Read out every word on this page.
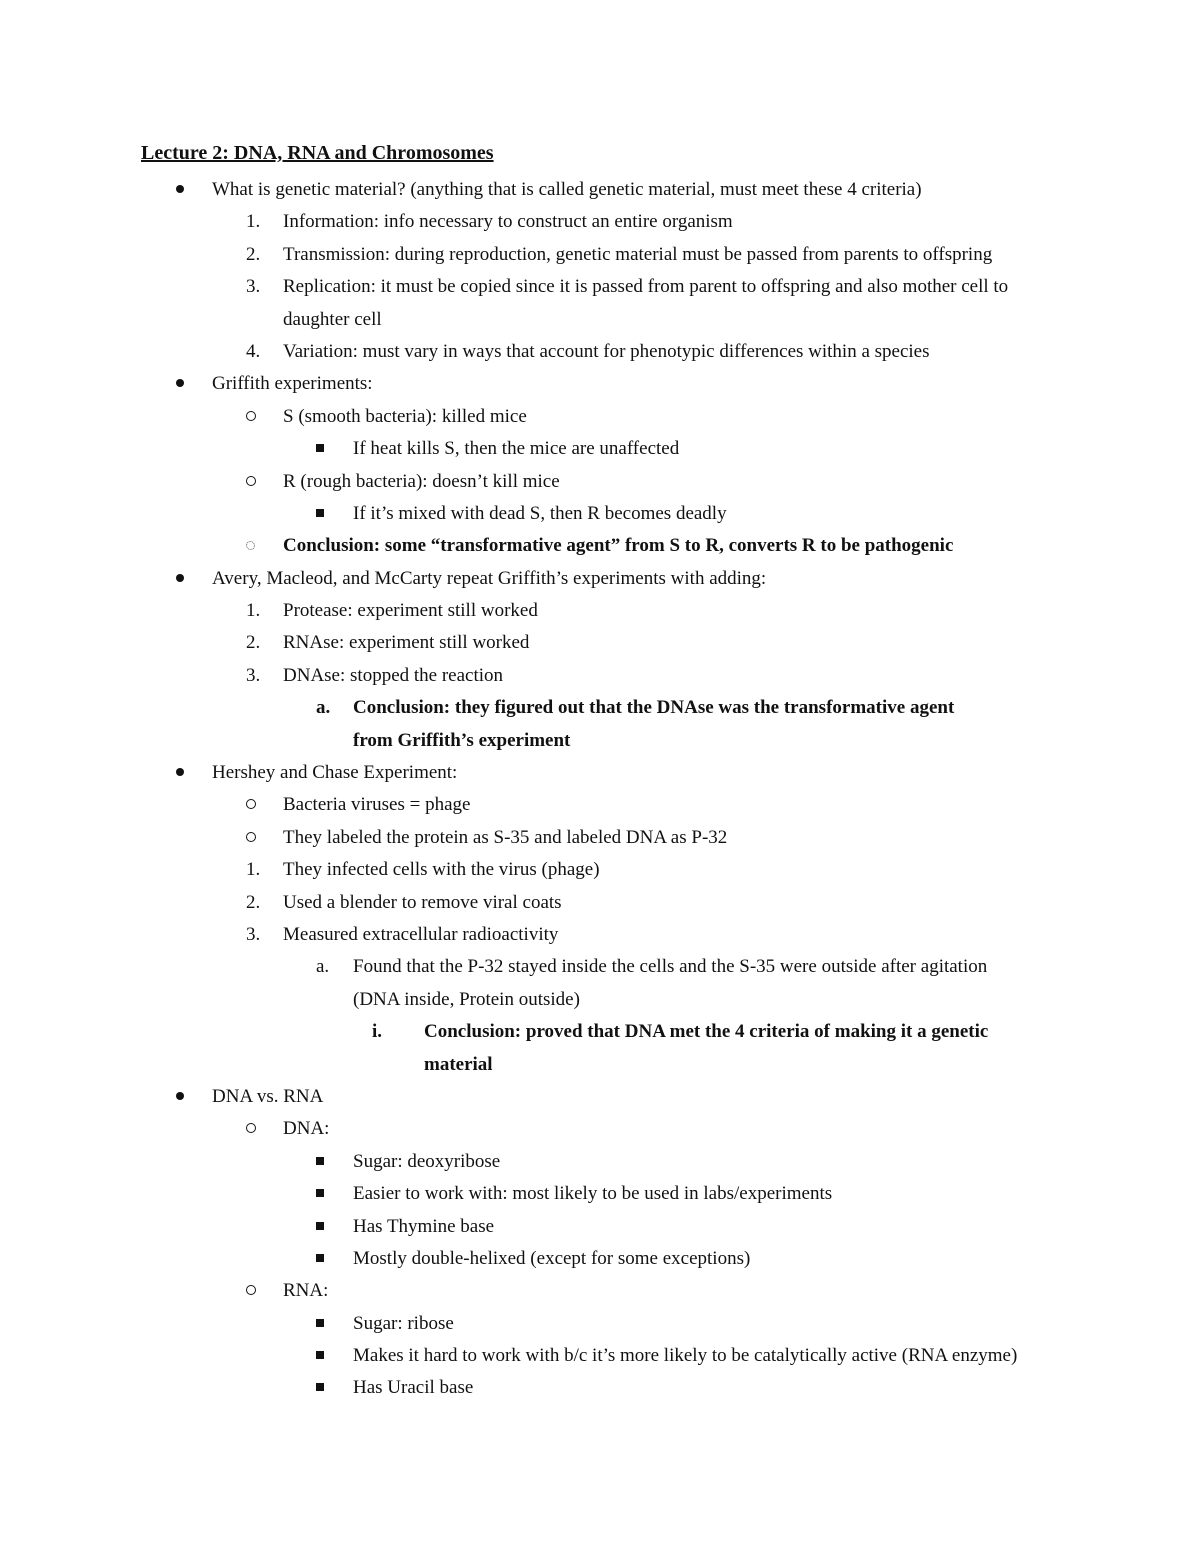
Lecture 2: DNA, RNA and Chromosomes
What is genetic material? (anything that is called genetic material, must meet these 4 criteria)
1. Information: info necessary to construct an entire organism
2. Transmission: during reproduction, genetic material must be passed from parents to offspring
3. Replication: it must be copied since it is passed from parent to offspring and also mother cell to
daughter cell
4. Variation: must vary in ways that account for phenotypic differences within a species
Griffith experiments:
S (smooth bacteria): killed mice
If heat kills S, then the mice are unaffected
R (rough bacteria): doesn’t kill mice
If it’s mixed with dead S, then R becomes deadly
Conclusion: some “transformative agent” from S to R, converts R to be pathogenic
Avery, Macleod, and McCarty repeat Griffith’s experiments with adding:
1. Protease: experiment still worked
2. RNAse: experiment still worked
3. DNAse: stopped the reaction
a. Conclusion: they figured out that the DNAse was the transformative agent
from Griffith’s experiment
Hershey and Chase Experiment:
Bacteria viruses = phage
They labeled the protein as S-35 and labeled DNA as P-32
1. They infected cells with the virus (phage)
2. Used a blender to remove viral coats
3. Measured extracellular radioactivity
a. Found that the P-32 stayed inside the cells and the S-35 were outside after agitation
(DNA inside, Protein outside)
i. Conclusion: proved that DNA met the 4 criteria of making it a genetic
material
DNA vs. RNA
DNA:
Sugar: deoxyribose
Easier to work with: most likely to be used in labs/experiments
Has Thymine base
Mostly double-helixed (except for some exceptions)
RNA:
Sugar: ribose
Makes it hard to work with b/c it’s more likely to be catalytically active (RNA enzyme)
Has Uracil base
